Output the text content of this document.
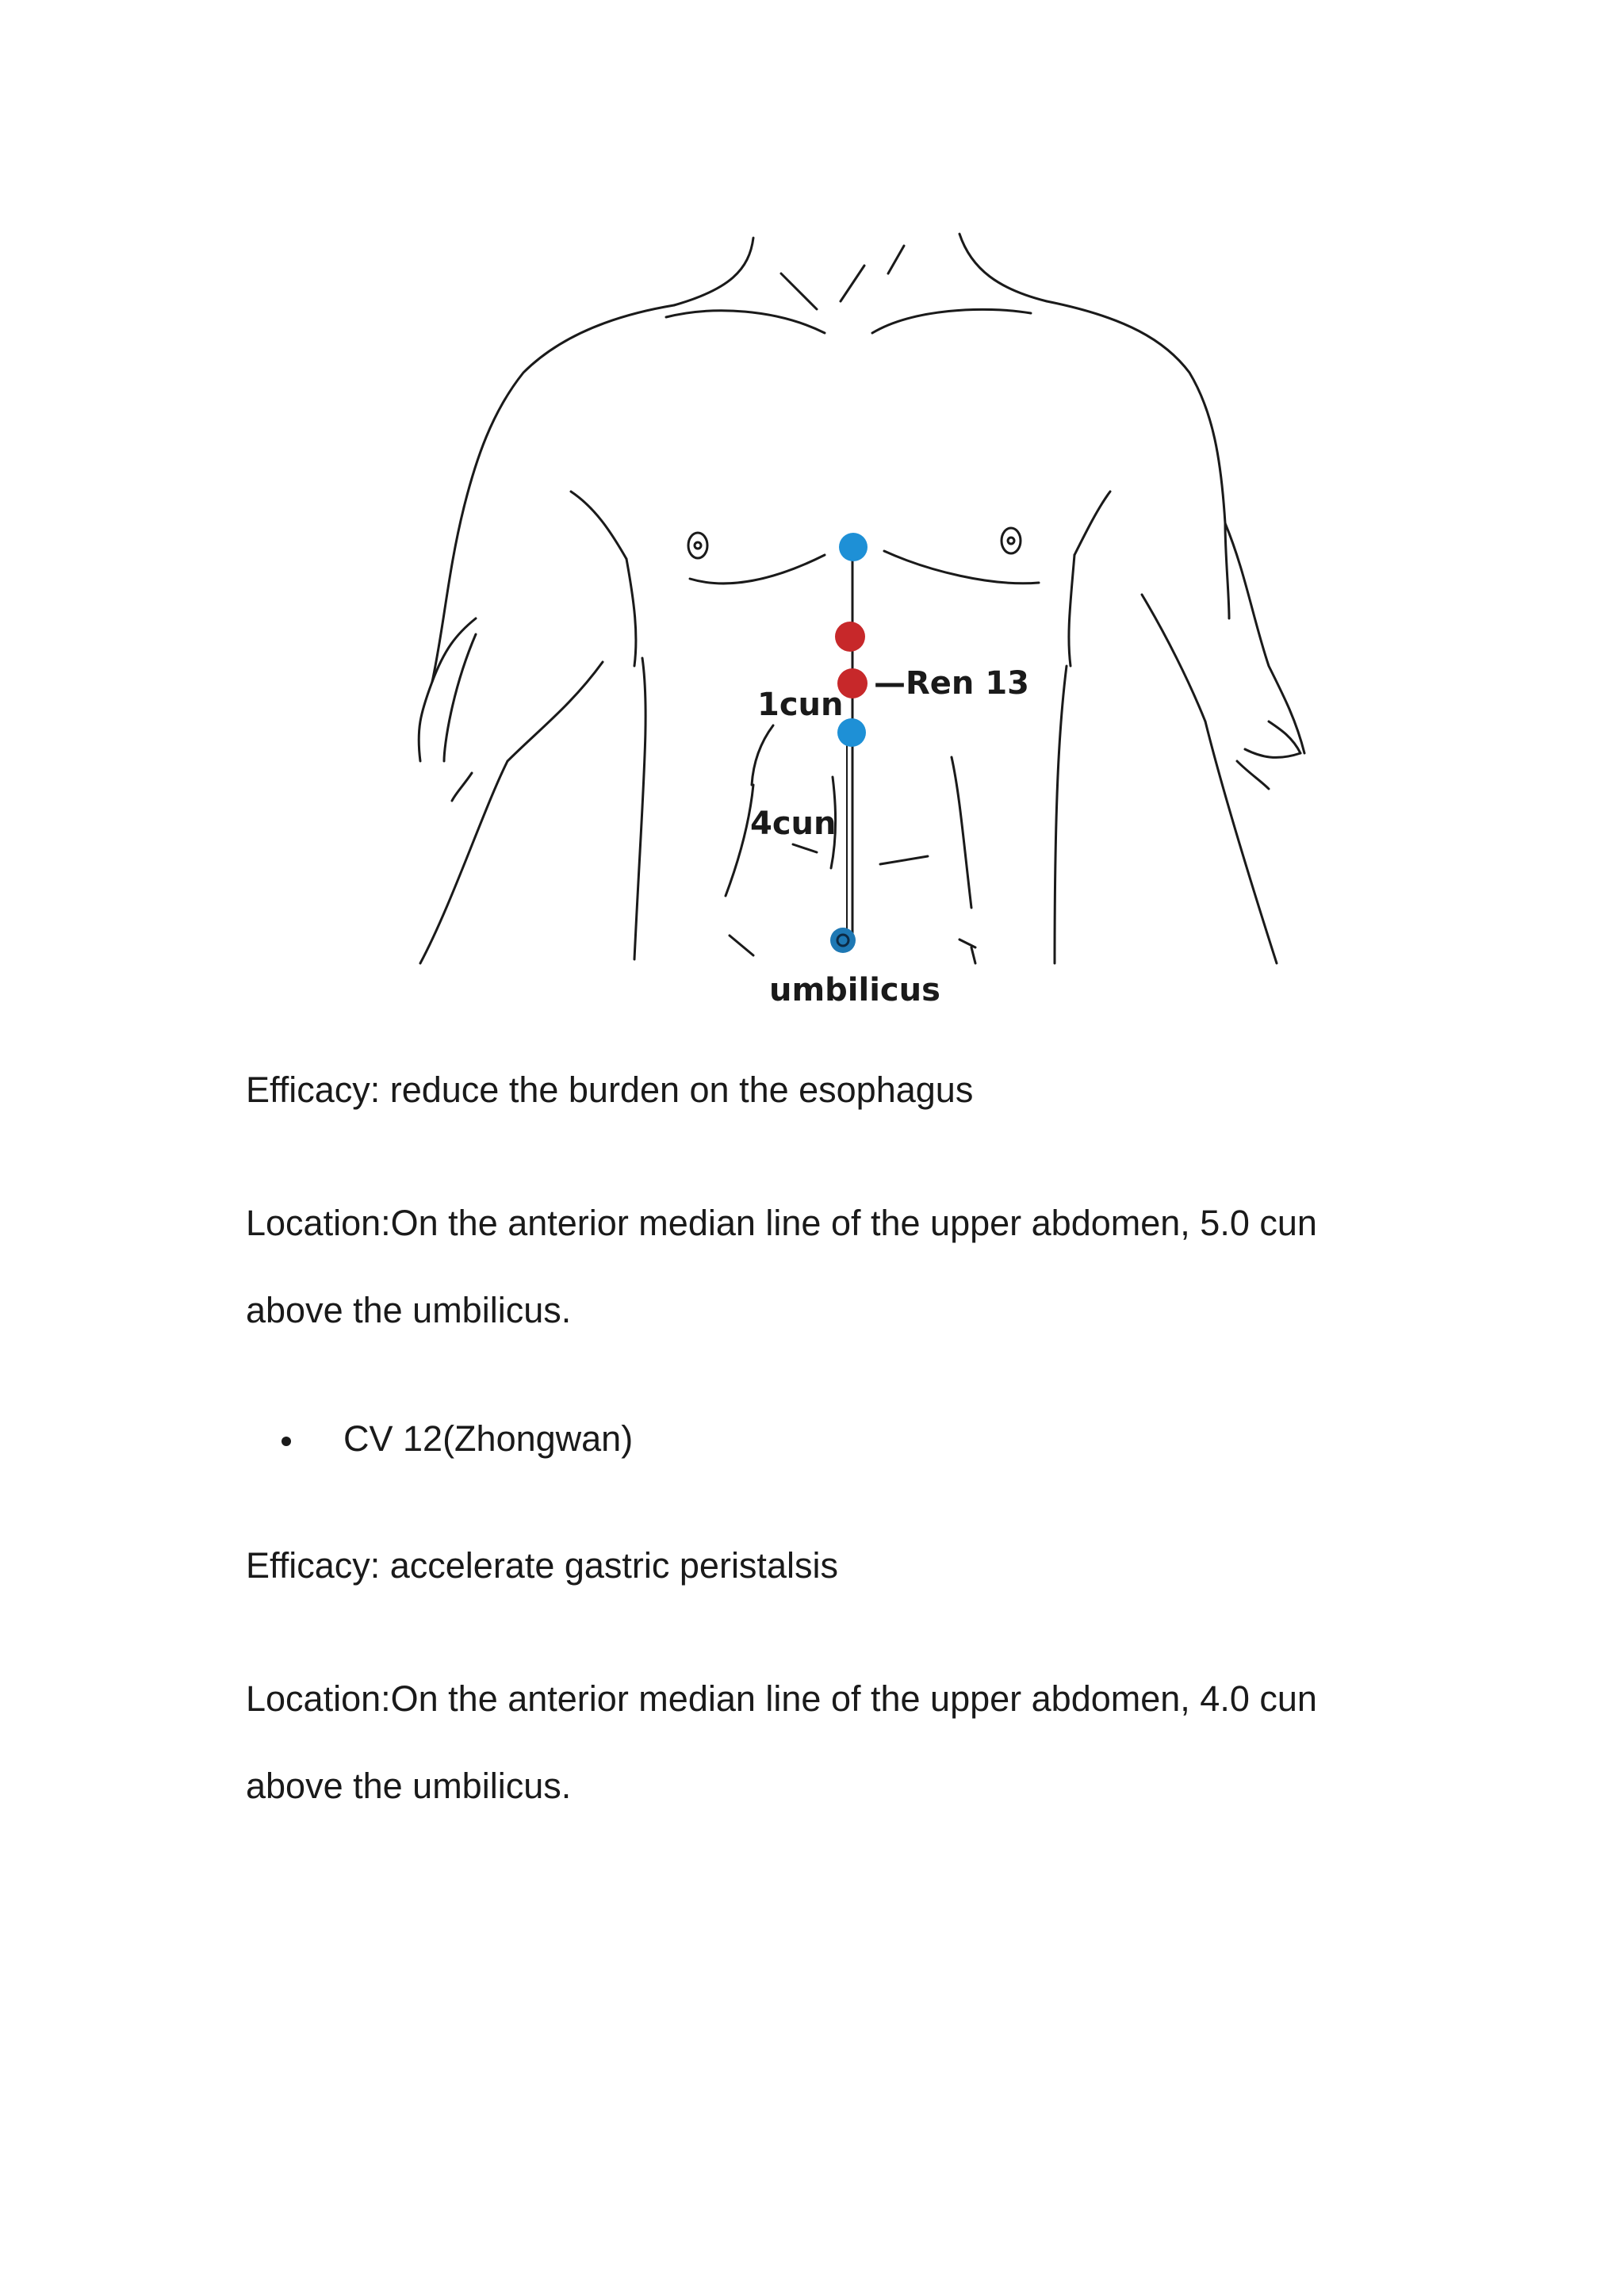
—Ren 13
1cun
4cun
umbilicus

Efficacy: reduce the burden on the esophagus

Location:On the anterior median line of the upper abdomen, 5.0 cun above the umbilicus.

CV 12(Zhongwan)

Efficacy: accelerate gastric peristalsis

Location:On the anterior median line of the upper abdomen, 4.0 cun above the umbilicus.
